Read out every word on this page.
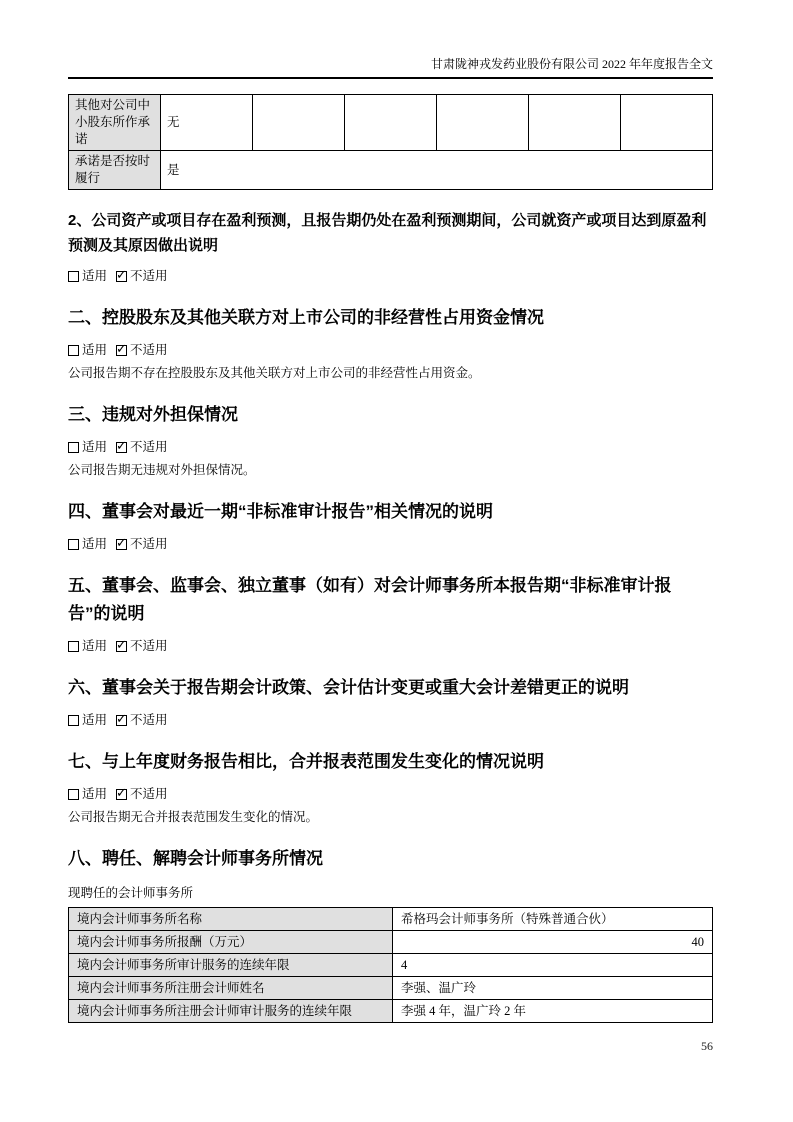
甘肃陇神戎发药业股份有限公司 2022 年年度报告全文
其他对公司中小股东所作承诺	无					
承诺是否按时履行	是					
2、公司资产或项目存在盈利预测，且报告期仍处在盈利预测期间，公司就资产或项目达到原盈利预测及其原因做出说明
适用 ✓ 不适用
二、控股股东及其他关联方对上市公司的非经营性占用资金情况
适用 ✓ 不适用
公司报告期不存在控股股东及其他关联方对上市公司的非经营性占用资金。
三、违规对外担保情况
适用 ✓ 不适用
公司报告期无违规对外担保情况。
四、董事会对最近一期“非标准审计报告”相关情况的说明
适用 ✓ 不适用
五、董事会、监事会、独立董事（如有）对会计师事务所本报告期“非标准审计报告”的说明
适用 ✓ 不适用
六、董事会关于报告期会计政策、会计估计变更或重大会计差错更正的说明
适用 ✓ 不适用
七、与上年度财务报告相比，合并报表范围发生变化的情况说明
适用 ✓ 不适用
公司报告期无合并报表范围发生变化的情况。
八、聘任、解聘会计师事务所情况
现聘任的会计师事务所
境内会计师事务所名称	希格玛会计师事务所（特殊普通合伙）
境内会计师事务所报酬（万元）	40
境内会计师事务所审计服务的连续年限	4
境内会计师事务所注册会计师姓名	李强、温广玲
境内会计师事务所注册会计师审计服务的连续年限	李强 4 年，温广玲 2 年
56
